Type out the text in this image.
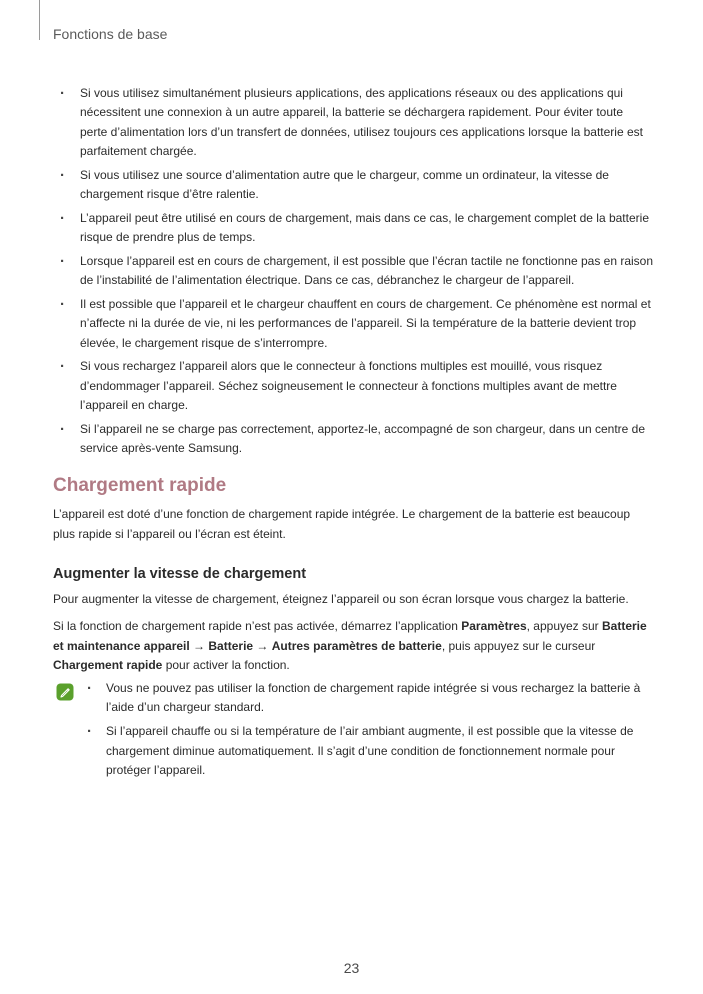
Fonctions de base
· Si vous utilisez simultanément plusieurs applications, des applications réseaux ou des applications qui nécessitent une connexion à un autre appareil, la batterie se déchargera rapidement. Pour éviter toute perte d’alimentation lors d’un transfert de données, utilisez toujours ces applications lorsque la batterie est parfaitement chargée.
· Si vous utilisez une source d’alimentation autre que le chargeur, comme un ordinateur, la vitesse de chargement risque d’être ralentie.
· L’appareil peut être utilisé en cours de chargement, mais dans ce cas, le chargement complet de la batterie risque de prendre plus de temps.
· Lorsque l’appareil est en cours de chargement, il est possible que l’écran tactile ne fonctionne pas en raison de l’instabilité de l’alimentation électrique. Dans ce cas, débranchez le chargeur de l’appareil.
· Il est possible que l’appareil et le chargeur chauffent en cours de chargement. Ce phénomène est normal et n’affecte ni la durée de vie, ni les performances de l’appareil. Si la température de la batterie devient trop élevée, le chargement risque de s’interrompre.
· Si vous rechargez l’appareil alors que le connecteur à fonctions multiples est mouillé, vous risquez d’endommager l’appareil. Séchez soigneusement le connecteur à fonctions multiples avant de mettre l’appareil en charge.
· Si l’appareil ne se charge pas correctement, apportez-le, accompagné de son chargeur, dans un centre de service après-vente Samsung.
Chargement rapide

L’appareil est doté d’une fonction de chargement rapide intégrée. Le chargement de la batterie est beaucoup plus rapide si l’appareil ou l’écran est éteint.

Augmenter la vitesse de chargement

Pour augmenter la vitesse de chargement, éteignez l’appareil ou son écran lorsque vous chargez la batterie.

Si la fonction de chargement rapide n’est pas activée, démarrez l’application Paramètres, appuyez sur Batterie et maintenance appareil → Batterie → Autres paramètres de batterie, puis appuyez sur le curseur Chargement rapide pour activer la fonction.

· Vous ne pouvez pas utiliser la fonction de chargement rapide intégrée si vous rechargez la batterie à l’aide d’un chargeur standard.
· Si l’appareil chauffe ou si la température de l’air ambiant augmente, il est possible que la vitesse de chargement diminue automatiquement. Il s’agit d’une condition de fonctionnement normale pour protéger l’appareil.
23
